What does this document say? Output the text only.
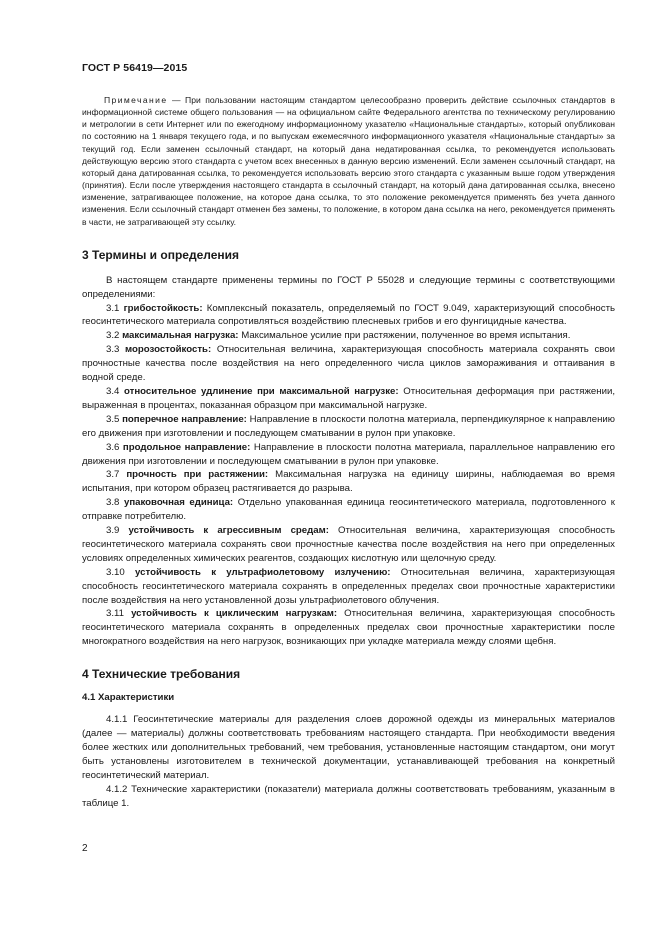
ГОСТ Р 56419—2015

Примечание — При пользовании настоящим стандартом целесообразно проверить действие ссылочных стандартов в информационной системе общего пользования — на официальном сайте Федерального агентства по техническому регулированию и метрологии в сети Интернет или по ежегодному информационному указателю «Национальные стандарты», который опубликован по состоянию на 1 января текущего года, и по выпускам ежемесячного информационного указателя «Национальные стандарты» за текущий год. Если заменен ссылочный стандарт, на который дана недатированная ссылка, то рекомендуется использовать действующую версию этого стандарта с учетом всех внесенных в данную версию изменений. Если заменен ссылочный стандарт, на который дана датированная ссылка, то рекомендуется использовать версию этого стандарта с указанным выше годом утверждения (принятия). Если после утверждения настоящего стандарта в ссылочный стандарт, на который дана датированная ссылка, внесено изменение, затрагивающее положение, на которое дана ссылка, то это положение рекомендуется применять без учета данного изменения. Если ссылочный стандарт отменен без замены, то положение, в котором дана ссылка на него, рекомендуется применять в части, не затрагивающей эту ссылку.

3 Термины и определения

В настоящем стандарте применены термины по ГОСТ Р 55028 и следующие термины с соответствующими определениями:

3.1 грибостойкость: Комплексный показатель, определяемый по ГОСТ 9.049, характеризующий способность геосинтетического материала сопротивляться воздействию плесневых грибов и его фунгицидные качества.

3.2 максимальная нагрузка: Максимальное усилие при растяжении, полученное во время испытания.

3.3 морозостойкость: Относительная величина, характеризующая способность материала сохранять свои прочностные качества после воздействия на него определенного числа циклов замораживания и оттаивания в водной среде.

3.4 относительное удлинение при максимальной нагрузке: Относительная деформация при растяжении, выраженная в процентах, показанная образцом при максимальной нагрузке.

3.5 поперечное направление: Направление в плоскости полотна материала, перпендикулярное к направлению его движения при изготовлении и последующем сматывании в рулон при упаковке.

3.6 продольное направление: Направление в плоскости полотна материала, параллельное направлению его движения при изготовлении и последующем сматывании в рулон при упаковке.

3.7 прочность при растяжении: Максимальная нагрузка на единицу ширины, наблюдаемая во время испытания, при котором образец растягивается до разрыва.

3.8 упаковочная единица: Отдельно упакованная единица геосинтетического материала, подготовленного к отправке потребителю.

3.9 устойчивость к агрессивным средам: Относительная величина, характеризующая способность геосинтетического материала сохранять свои прочностные качества после воздействия на него при определенных условиях определенных химических реагентов, создающих кислотную или щелочную среду.

3.10 устойчивость к ультрафиолетовому излучению: Относительная величина, характеризующая способность геосинтетического материала сохранять в определенных пределах свои прочностные характеристики после воздействия на него установленной дозы ультрафиолетового облучения.

3.11 устойчивость к циклическим нагрузкам: Относительная величина, характеризующая способность геосинтетического материала сохранять в определенных пределах свои прочностные характеристики после многократного воздействия на него нагрузок, возникающих при укладке материала между слоями щебня.

4 Технические требования
4.1 Характеристики

4.1.1 Геосинтетические материалы для разделения слоев дорожной одежды из минеральных материалов (далее — материалы) должны соответствовать требованиям настоящего стандарта. При необходимости введения более жестких или дополнительных требований, чем требования, установленные настоящим стандартом, они могут быть установлены изготовителем в технической документации, устанавливающей требования на конкретный геосинтетический материал.

4.1.2 Технические характеристики (показатели) материала должны соответствовать требованиям, указанным в таблице 1.

2
